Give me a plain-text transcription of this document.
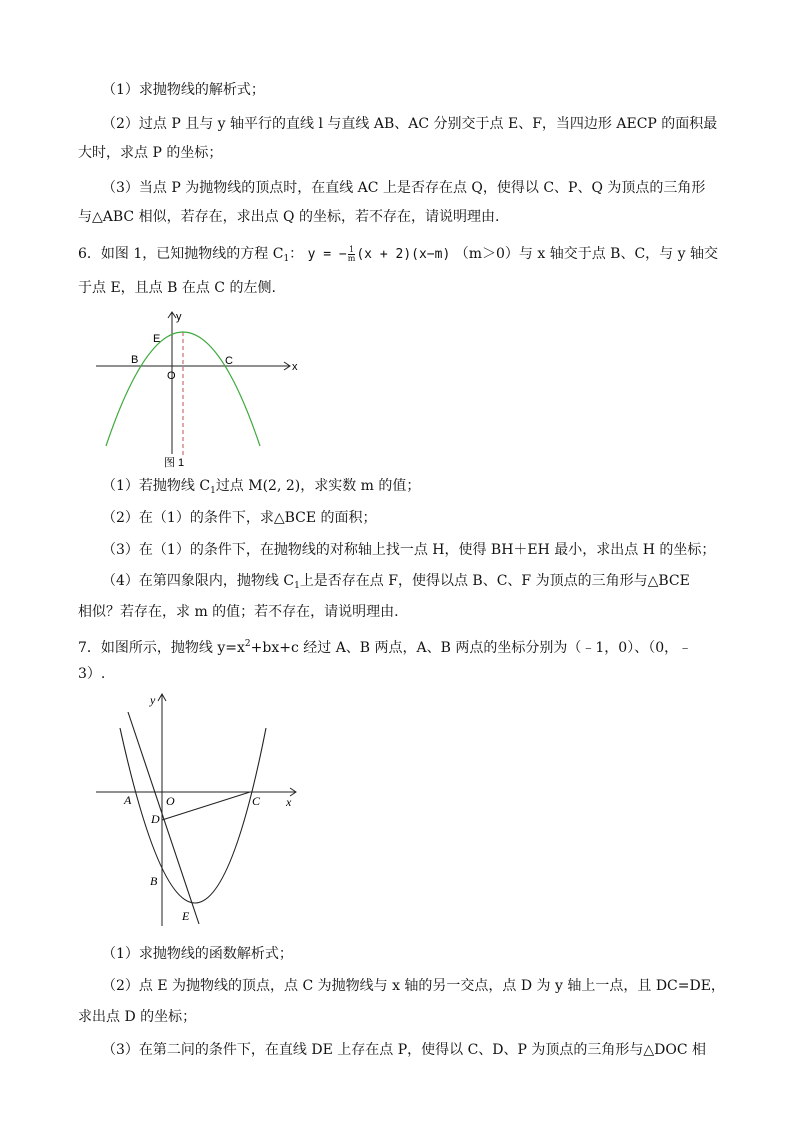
（1）求抛物线的解析式；
（2）过点 P 且与 y 轴平行的直线 l 与直线 AB、AC 分别交于点 E、F，当四边形 AECP 的面积最
大时，求点 P 的坐标；
（3）当点 P 为抛物线的顶点时，在直线 AC 上是否存在点 Q，使得以 C、P、Q 为顶点的三角形
与△ABC 相似，若存在，求出点 Q 的坐标，若不存在，请说明理由.
6．如图 1，已知抛物线的方程 $C_1$： y = − $\frac{1}{m} (x + 2)(x-m)$ （m＞0）与 x 轴交于点 B、C，与 y 轴交
于点 E，且点 B 在点 C 的左侧.
y
x
E
B	C
O
图 1
（1）若抛物线 $C_1$过点 M(2, 2)，求实数 m 的值；
（2）在（1）的条件下，求△BCE 的面积；
（3）在（1）的条件下，在抛物线的对称轴上找一点 H，使得 BH＋EH 最小，求出点 H 的坐标；
（4）在第四象限内，抛物线 $C_1$上是否存在点 F，使得以点 B、C、F 为顶点的三角形与△BCE
相似？若存在，求 m 的值；若不存在，请说明理由.
7．如图所示，抛物线 $y=x^2+bx+c$ 经过 A、B 两点，A、B 两点的坐标分别为（﹣1，0）、（0，﹣
3）.
y
x
A	O	C
D
B
E
（1）求抛物线的函数解析式；
（2）点 E 为抛物线的顶点，点 C 为抛物线与 x 轴的另一交点，点 D 为 y 轴上一点，且 DC=DE，
求出点 D 的坐标；
（3）在第二问的条件下，在直线 DE 上存在点 P，使得以 C、D、P 为顶点的三角形与△DOC 相
